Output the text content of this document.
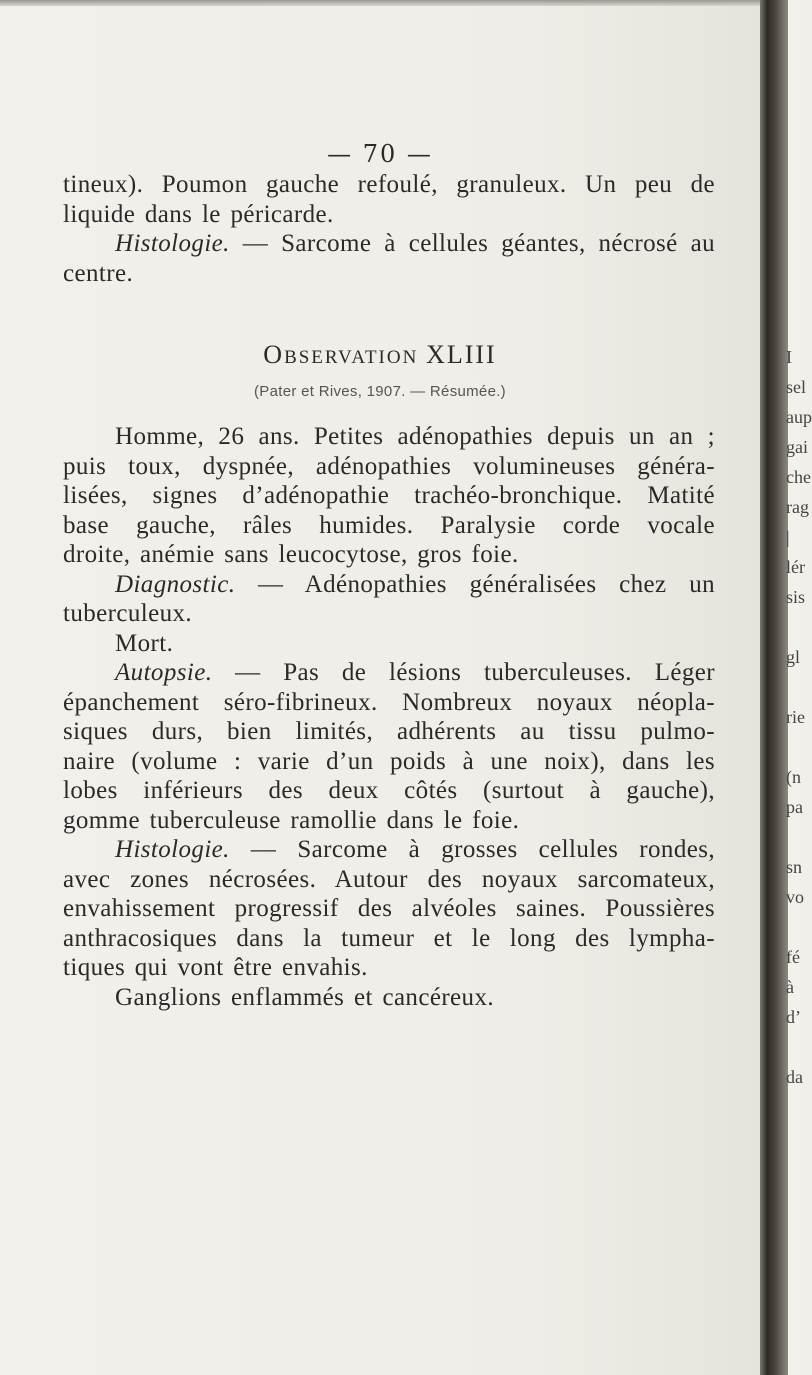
— 70 —

tineux). Poumon gauche refoulé, granuleux. Un peu de

liquide dans le péricarde.

Histologie. — Sarcome à cellules géantes, nécrosé au

centre.

OBSERVATION XLIII
(Pater et Rives, 1907. — Résumée.)

Homme, 26 ans. Petites adénopathies depuis un an ;

puis toux, dyspnée, adénopathies volumineuses généra-

lisées, signes d’adénopathie trachéo-bronchique. Matité

base gauche, râles humides. Paralysie corde vocale

droite, anémie sans leucocytose, gros foie.

Diagnostic. — Adénopathies généralisées chez un

tuberculeux.

Mort.

Autopsie. — Pas de lésions tuberculeuses. Léger

épanchement séro-fibrineux. Nombreux noyaux néopla-

siques durs, bien limités, adhérents au tissu pulmo-

naire (volume : varie d’un poids à une noix), dans les

lobes inférieurs des deux côtés (surtout à gauche),

gomme tuberculeuse ramollie dans le foie.

Histologie. — Sarcome à grosses cellules rondes,

avec zones nécrosées. Autour des noyaux sarcomateux,

envahissement progressif des alvéoles saines. Poussières

anthracosiques dans la tumeur et le long des lympha-

tiques qui vont être envahis.

Ganglions enflammés et cancéreux.

I
sel
aup
gai
che
rag
|
lér
sis
gl
rie
(n
pa
sn
vo
fé
à
d’
da
